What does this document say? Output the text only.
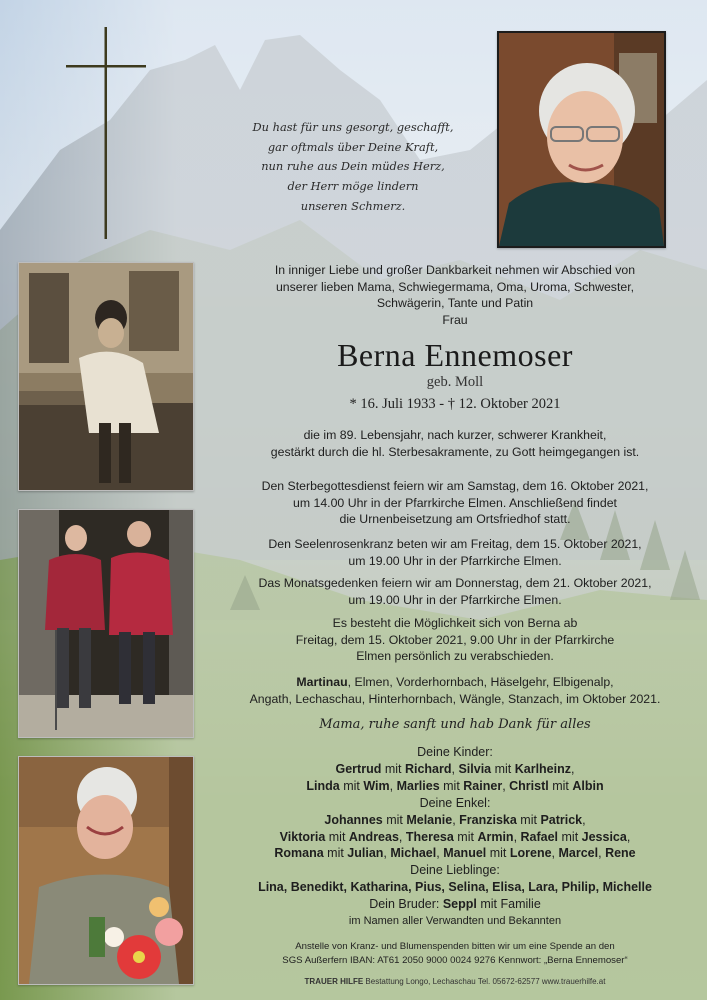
Du hast für uns gesorgt, geschafft,
gar oftmals über Deine Kraft,
nun ruhe aus Dein müdes Herz,
der Herr möge lindern
unseren Schmerz.
In inniger Liebe und großer Dankbarkeit nehmen wir Abschied von
unserer lieben Mama, Schwiegermama, Oma, Uroma, Schwester,
Schwägerin, Tante und Patin
Frau
Berna Ennemoser
geb. Moll
* 16. Juli 1933 - † 12. Oktober 2021
die im 89. Lebensjahr, nach kurzer, schwerer Krankheit,
gestärkt durch die hl. Sterbesakramente, zu Gott heimgegangen ist.
Den Sterbegottesdienst feiern wir am Samstag, dem 16. Oktober 2021,
um 14.00 Uhr in der Pfarrkirche Elmen. Anschließend findet
die Urnenbeisetzung am Ortsfriedhof statt.
Den Seelenrosenkranz beten wir am Freitag, dem 15. Oktober 2021,
um 19.00 Uhr in der Pfarrkirche Elmen.
Das Monatsgedenken feiern wir am Donnerstag, dem 21. Oktober 2021,
um 19.00 Uhr in der Pfarrkirche Elmen.
Es besteht die Möglichkeit sich von Berna ab
Freitag, dem 15. Oktober 2021, 9.00 Uhr in der Pfarrkirche
Elmen persönlich zu verabschieden.
Martinau, Elmen, Vorderhornbach, Häselgehr, Elbigenalp,
Angath, Lechaschau, Hinterhornbach, Wängle, Stanzach, im Oktober 2021.
Mama, ruhe sanft und hab Dank für alles
Deine Kinder:
Gertrud mit Richard, Silvia mit Karlheinz,
Linda mit Wim, Marlies mit Rainer, Christl mit Albin
Deine Enkel:
Johannes mit Melanie, Franziska mit Patrick,
Viktoria mit Andreas, Theresa mit Armin, Rafael mit Jessica,
Romana mit Julian, Michael, Manuel mit Lorene, Marcel, Rene
Deine Lieblinge:
Lina, Benedikt, Katharina, Pius, Selina, Elisa, Lara, Philip, Michelle
Dein Bruder: Seppl mit Familie
im Namen aller Verwandten und Bekannten
Anstelle von Kranz- und Blumenspenden bitten wir um eine Spende an den
SGS Außerfern IBAN: AT61 2050 9000 0024 9276 Kennwort: „Berna Ennemoser“
TRAUER HILFE Bestattung Longo, Lechaschau Tel. 05672-62577 www.trauerhilfe.at
